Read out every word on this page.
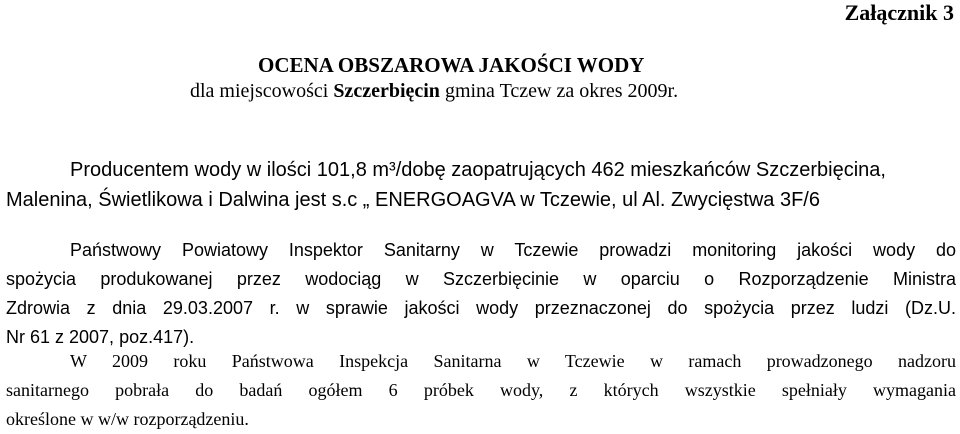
Załącznik 3
OCENA OBSZAROWA JAKOŚCI WODY
dla miejscowości Szczerbięcin gmina Tczew za okres 2009r.
Producentem wody w ilości 101,8 m³/dobę zaopatrujących 462 mieszkańców Szczerbięcina,
Malenina, Świetlikowa i Dalwina jest s.c „ ENERGOAGVA w Tczewie, ul Al. Zwycięstwa 3F/6
Państwowy Powiatowy Inspektor Sanitarny w Tczewie prowadzi monitoring jakości wody do
spożycia produkowanej przez wodociąg w Szczerbięcinie w oparciu o Rozporządzenie Ministra
Zdrowia z dnia 29.03.2007 r. w sprawie jakości wody przeznaczonej do spożycia przez ludzi (Dz.U.
Nr 61 z 2007, poz.417).
W 2009 roku Państwowa Inspekcja Sanitarna w Tczewie w ramach prowadzonego nadzoru
sanitarnego pobrała do badań ogółem 6 próbek wody, z których wszystkie spełniały wymagania
określone w w/w rozporządzeniu.
